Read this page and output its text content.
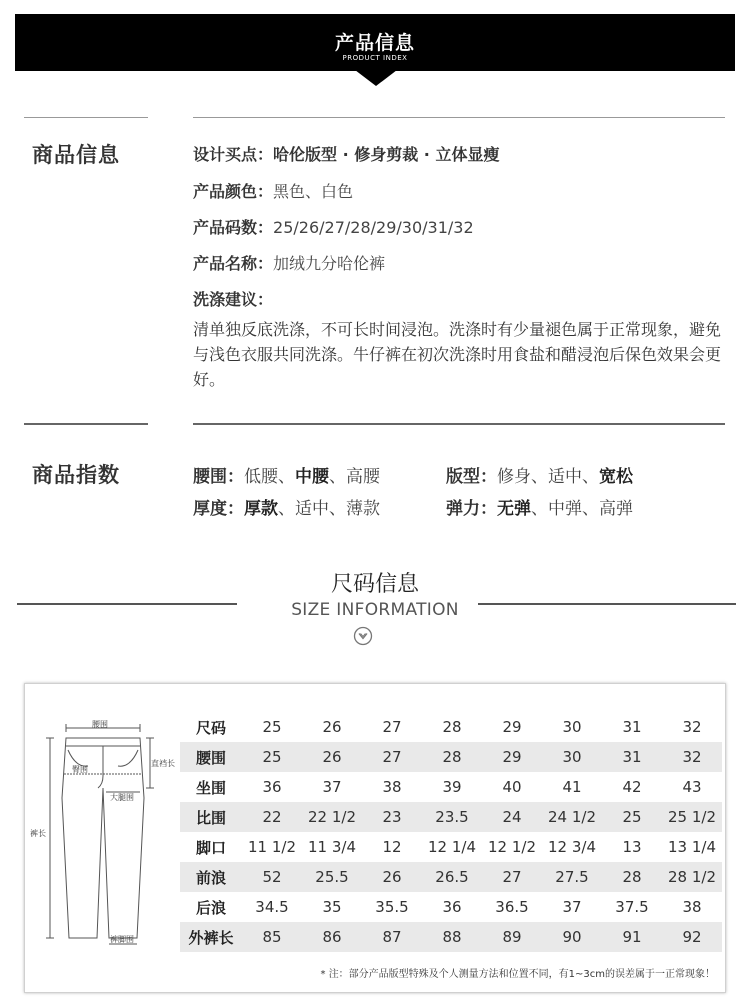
产品信息
PRODUCT INDEX
商品信息	设计买点：哈伦版型 · 修身剪裁 · 立体显瘦
产品颜色：黑色、白色
产品码数：25/26/27/28/29/30/31/32
产品名称：加绒九分哈伦裤
洗涤建议：
清单独反底洗涤，不可长时间浸泡。洗涤时有少量褪色属于正常现象，避免与浅色衣服共同洗涤。牛仔裤在初次洗涤时用食盐和醋浸泡后保色效果会更好。
商品指数	腰围：低腰、中腰、高腰	版型：修身、适中、宽松
厚度：厚款、适中、薄款	弹力：无弹、中弹、高弹
尺码信息
SIZE INFORMATION
腰围
臀围
直裆长
大腿围
裤长
裤脚围
尺码	25	26	27	28	29	30	31	32
腰围	25	26	27	28	29	30	31	32
坐围	36	37	38	39	40	41	42	43
比围	22	22 1/2	23	23.5	24	24 1/2	25	25 1/2
脚口	11 1/2	11 3/4	12	12 1/4	12 1/2	12 3/4	13	13 1/4
前浪	52	25.5	26	26.5	27	27.5	28	28 1/2
后浪	34.5	35	35.5	36	36.5	37	37.5	38
外裤长	85	86	87	88	89	90	91	92
* 注：部分产品版型特殊及个人测量方法和位置不同，有1~3cm的误差属于一正常现象！
